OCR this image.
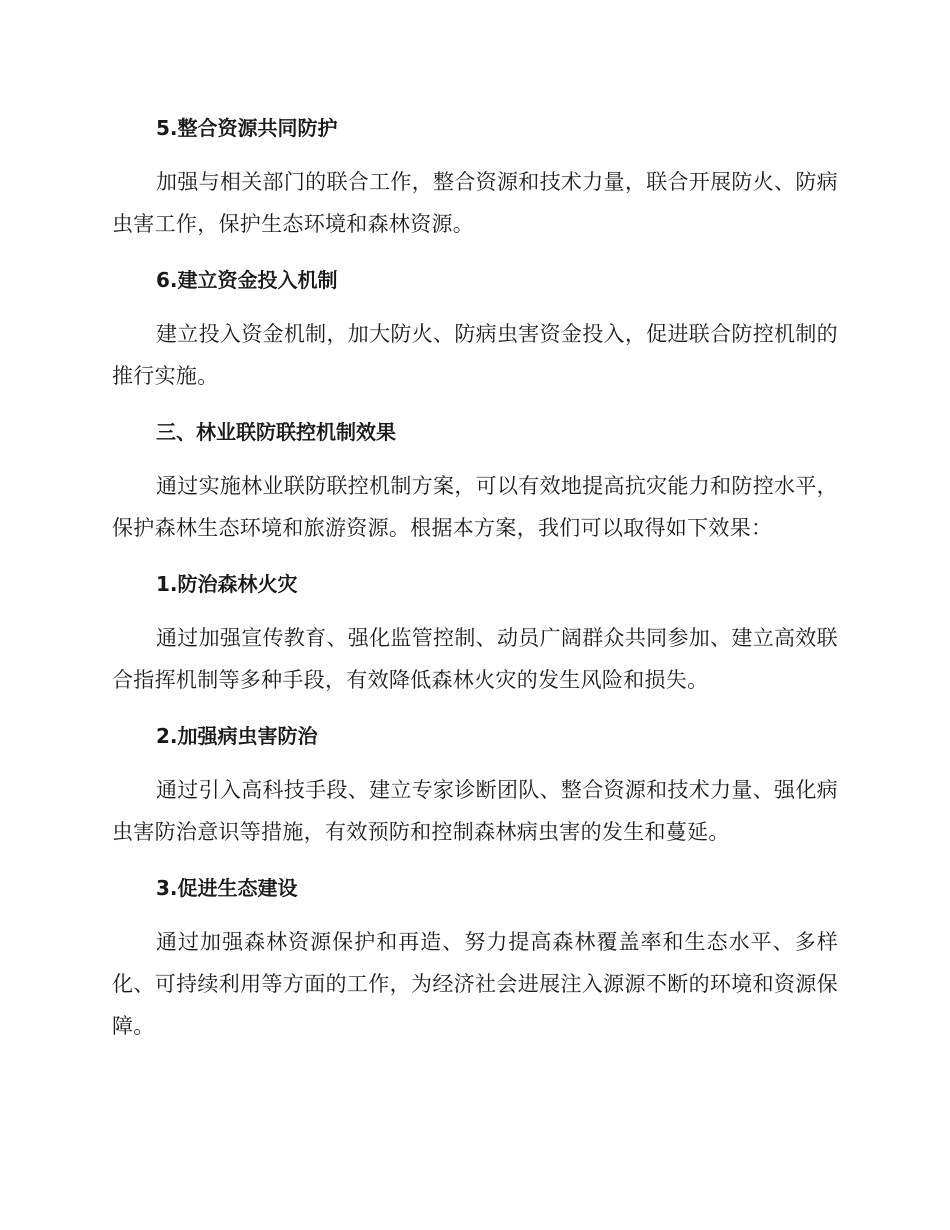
5.整合资源共同防护

加强与相关部门的联合工作，整合资源和技术力量，联合开展防火、防病虫害工作，保护生态环境和森林资源。

6.建立资金投入机制

建立投入资金机制，加大防火、防病虫害资金投入，促进联合防控机制的推行实施。

三、林业联防联控机制效果

通过实施林业联防联控机制方案，可以有效地提高抗灾能力和防控水平，保护森林生态环境和旅游资源。根据本方案，我们可以取得如下效果：

1.防治森林火灾

通过加强宣传教育、强化监管控制、动员广阔群众共同参加、建立高效联合指挥机制等多种手段，有效降低森林火灾的发生风险和损失。

2.加强病虫害防治

通过引入高科技手段、建立专家诊断团队、整合资源和技术力量、强化病虫害防治意识等措施，有效预防和控制森林病虫害的发生和蔓延。

3.促进生态建设

通过加强森林资源保护和再造、努力提高森林覆盖率和生态水平、多样化、可持续利用等方面的工作，为经济社会进展注入源源不断的环境和资源保障。
